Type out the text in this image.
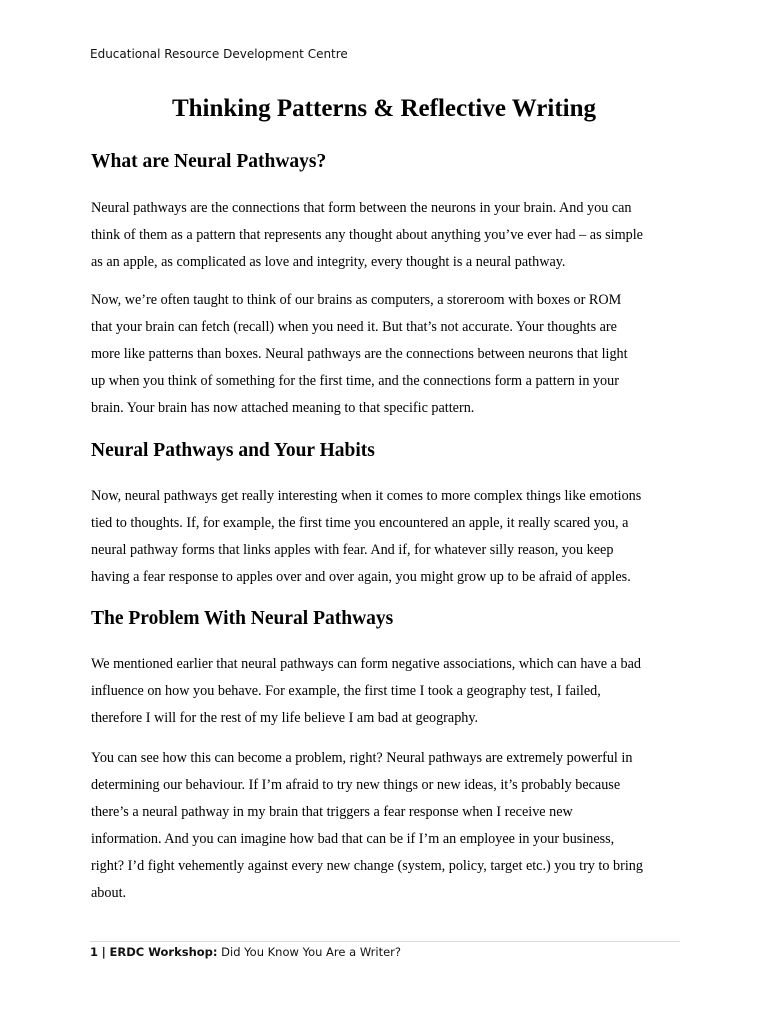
Educational Resource Development Centre
Thinking Patterns & Reflective Writing
What are Neural Pathways?
Neural pathways are the connections that form between the neurons in your brain. And you can
think of them as a pattern that represents any thought about anything you’ve ever had – as simple
as an apple, as complicated as love and integrity, every thought is a neural pathway.
Now, we’re often taught to think of our brains as computers, a storeroom with boxes or ROM
that your brain can fetch (recall) when you need it. But that’s not accurate. Your thoughts are
more like patterns than boxes. Neural pathways are the connections between neurons that light
up when you think of something for the first time, and the connections form a pattern in your
brain. Your brain has now attached meaning to that specific pattern.
Neural Pathways and Your Habits
Now, neural pathways get really interesting when it comes to more complex things like emotions
tied to thoughts. If, for example, the first time you encountered an apple, it really scared you, a
neural pathway forms that links apples with fear. And if, for whatever silly reason, you keep
having a fear response to apples over and over again, you might grow up to be afraid of apples.
The Problem With Neural Pathways
We mentioned earlier that neural pathways can form negative associations, which can have a bad
influence on how you behave. For example, the first time I took a geography test, I failed,
therefore I will for the rest of my life believe I am bad at geography.
You can see how this can become a problem, right? Neural pathways are extremely powerful in
determining our behaviour. If I’m afraid to try new things or new ideas, it’s probably because
there’s a neural pathway in my brain that triggers a fear response when I receive new
information. And you can imagine how bad that can be if I’m an employee in your business,
right? I’d fight vehemently against every new change (system, policy, target etc.) you try to bring
about.
1 | ERDC Workshop: Did You Know You Are a Writer?
